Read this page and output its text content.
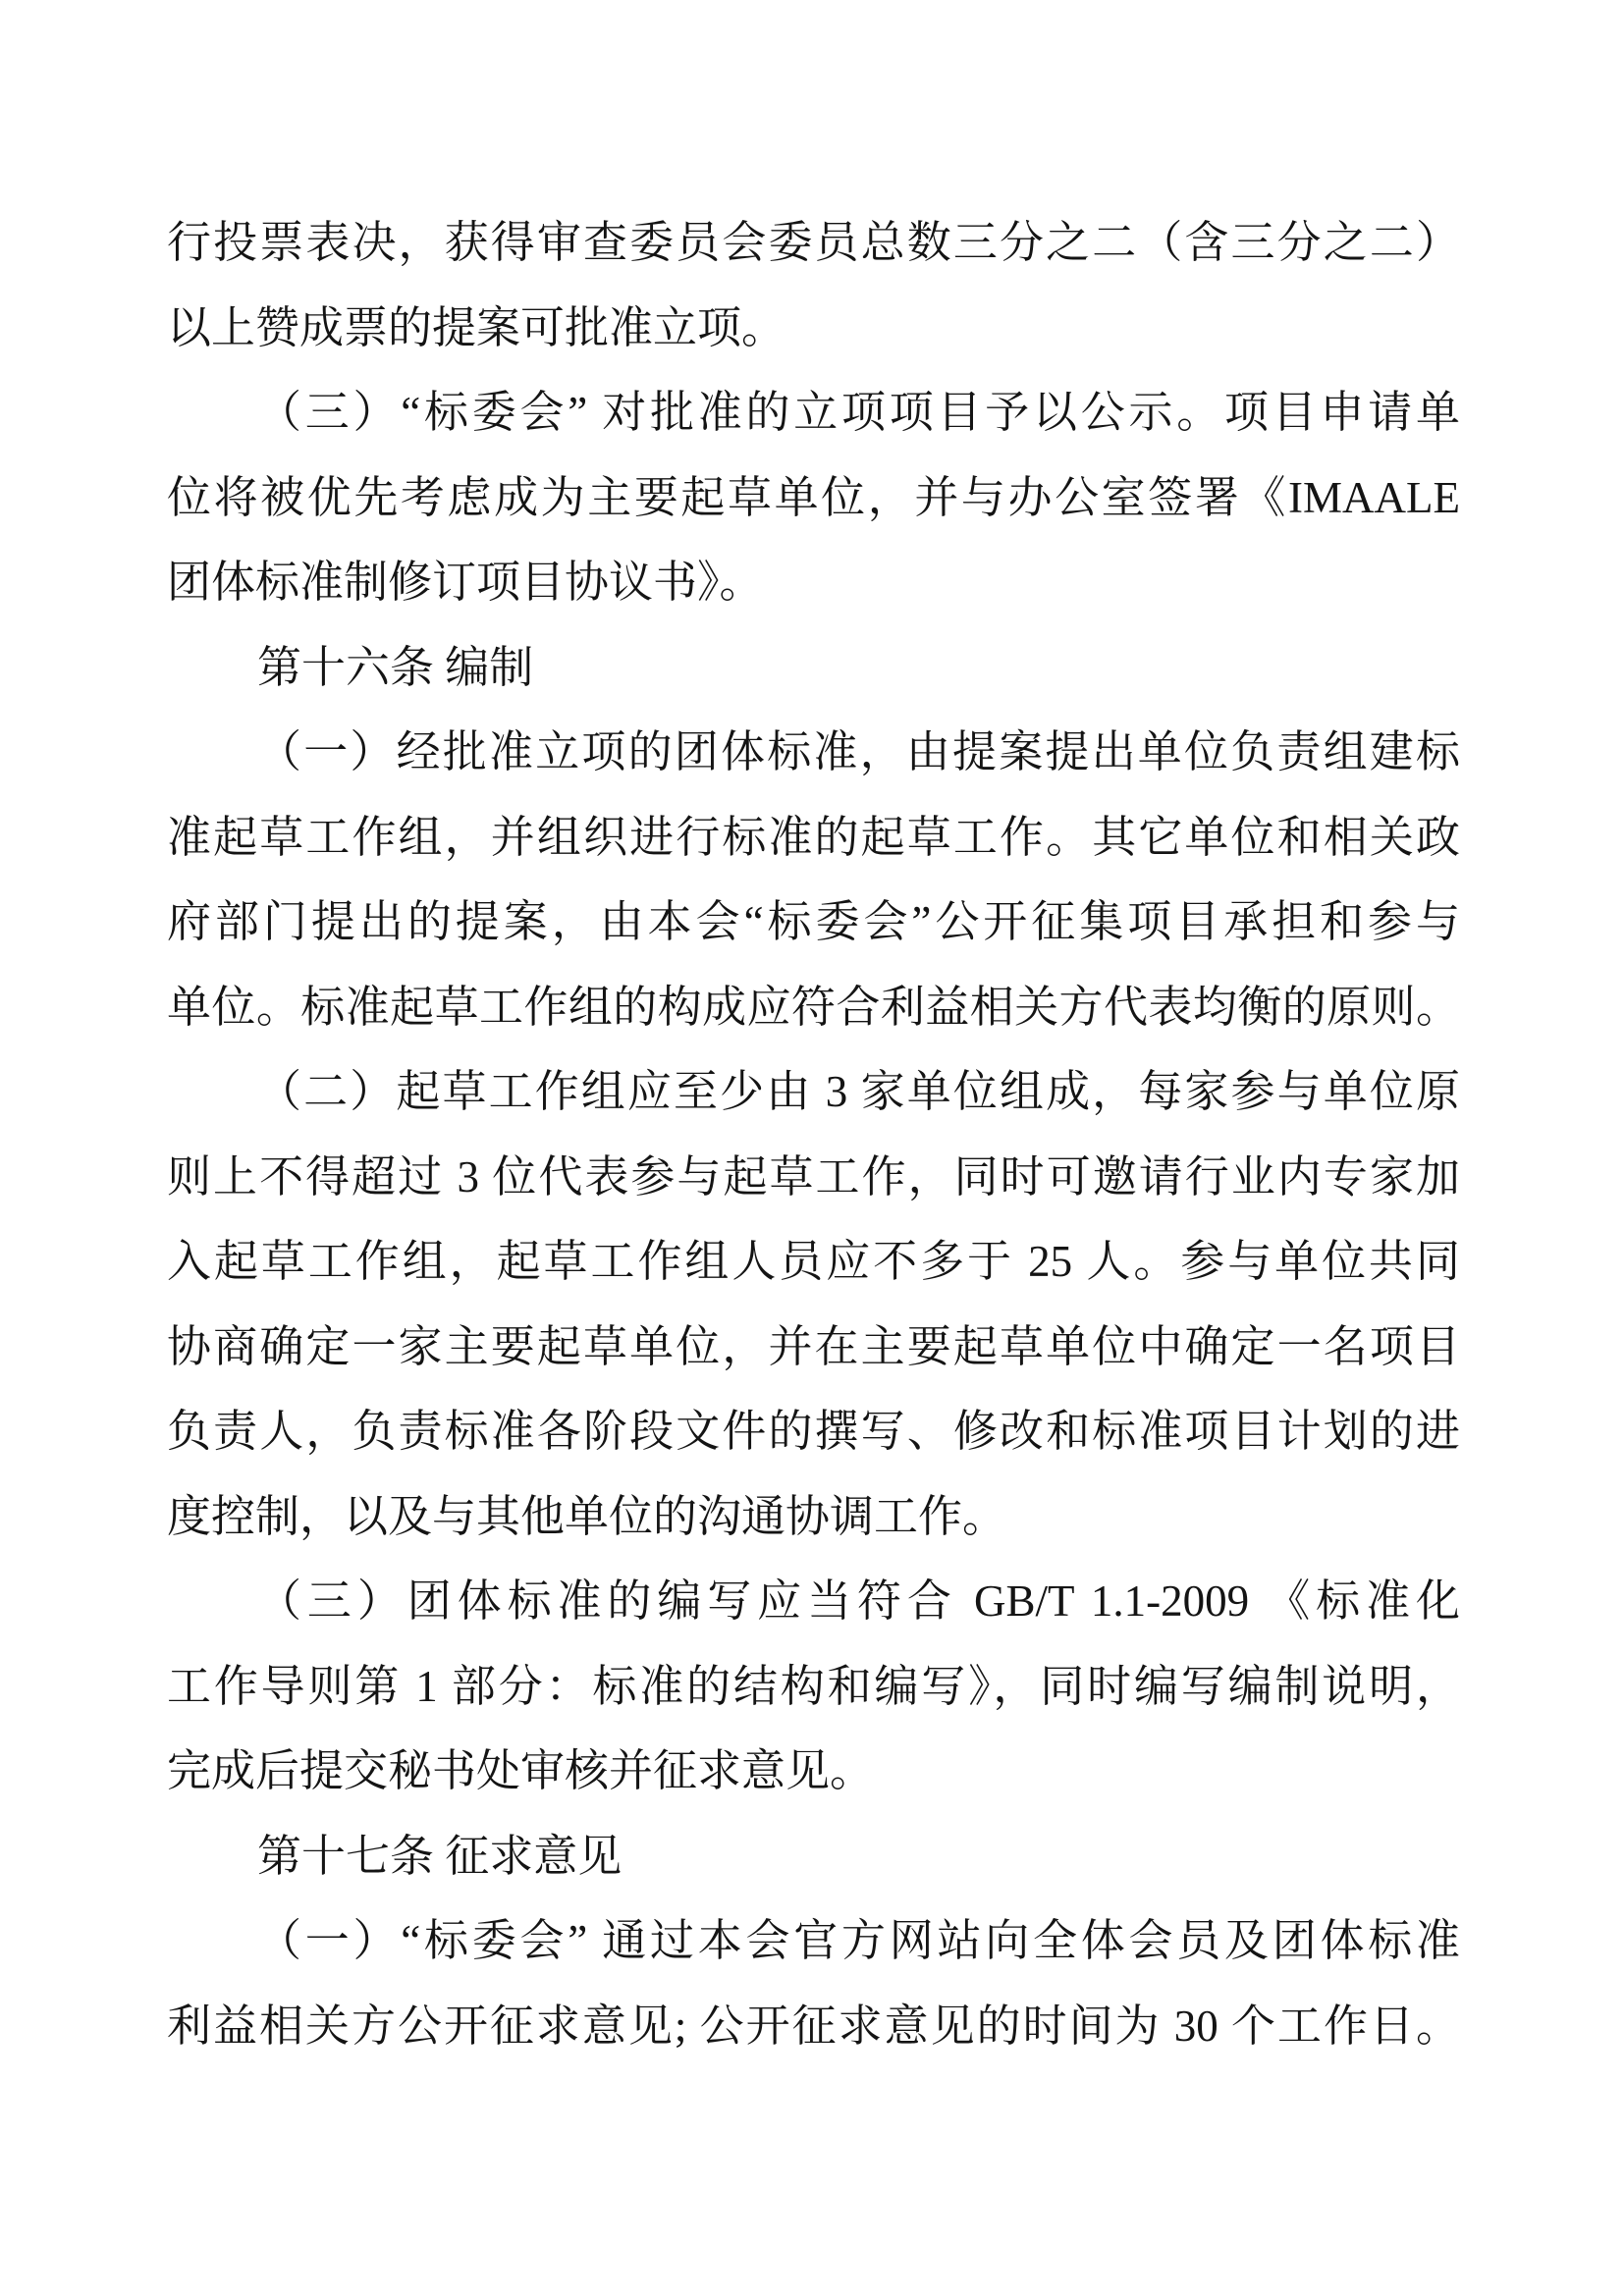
行投票表决，获得审查委员会委员总数三分之二（含三分之二）
以上赞成票的提案可批准立项。
（三）“标委会” 对批准的立项项目予以公示。项目申请单
位将被优先考虑成为主要起草单位，并与办公室签署《IMAALE
团体标准制修订项目协议书》。
第十六条 编制
（一）经批准立项的团体标准，由提案提出单位负责组建标
准起草工作组，并组织进行标准的起草工作。其它单位和相关政
府部门提出的提案，由本会“标委会”公开征集项目承担和参与
单位。标准起草工作组的构成应符合利益相关方代表均衡的原则。
（二）起草工作组应至少由 3 家单位组成，每家参与单位原
则上不得超过 3 位代表参与起草工作，同时可邀请行业内专家加
入起草工作组，起草工作组人员应不多于 25 人。参与单位共同
协商确定一家主要起草单位，并在主要起草单位中确定一名项目
负责人，负责标准各阶段文件的撰写、修改和标准项目计划的进
度控制，以及与其他单位的沟通协调工作。
（三）团体标准的编写应当符合 GB/T 1.1-2009 《标准化
工作导则第 1 部分：标准的结构和编写》，同时编写编制说明，
完成后提交秘书处审核并征求意见。
第十七条 征求意见
（一）“标委会” 通过本会官方网站向全体会员及团体标准
利益相关方公开征求意见; 公开征求意见的时间为 30 个工作日。
